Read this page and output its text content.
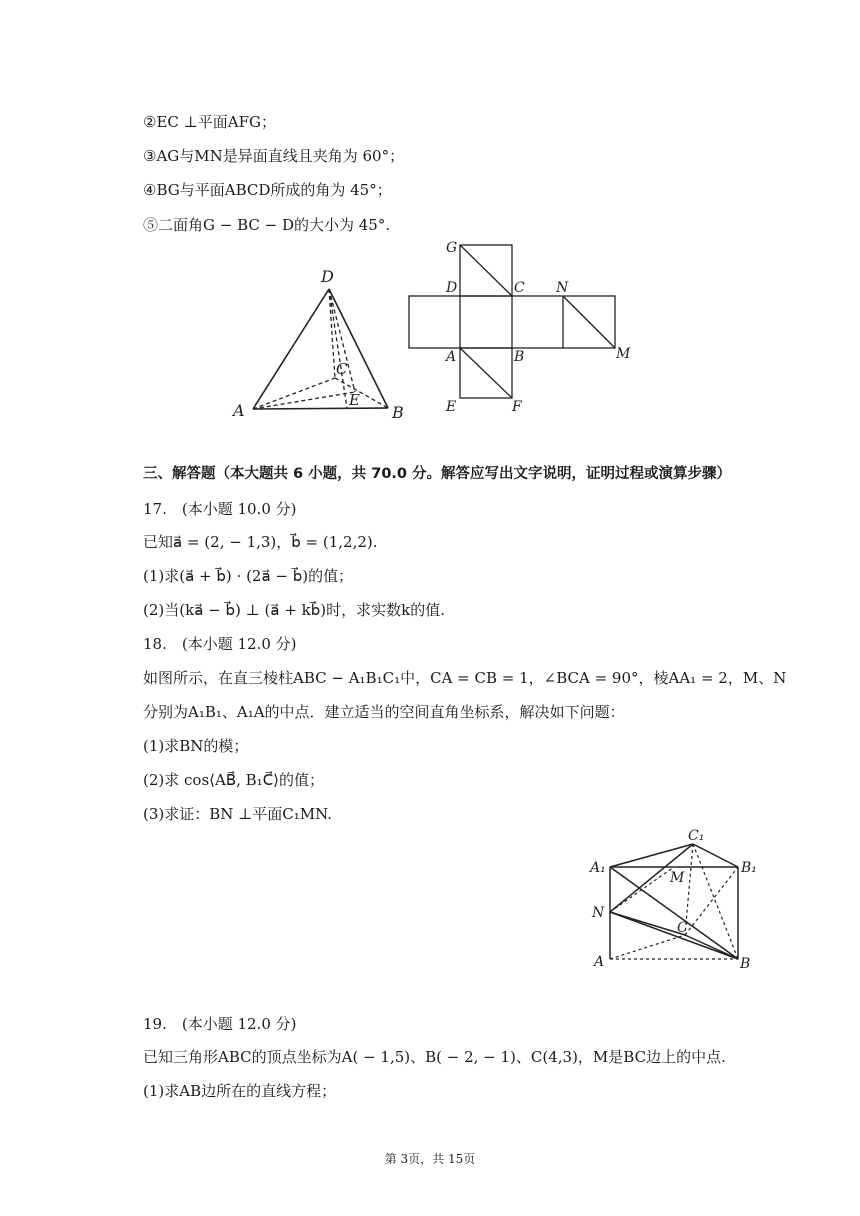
②EC ⊥平面AFG；
③AG与MN是异面直线且夹角为 60°；
④BG与平面ABCD所成的角为 45°；
⑤二面角G − BC − D的大小为 45°.
D
A	B
C
E
G
D	C N
A	B	M
E	F
三、解答题（本大题共 6 小题，共 70.0 分。解答应写出文字说明，证明过程或演算步骤）
17.　(本小题 10.0 分)
已知a⃗ = (2, − 1,3)，b⃗ = (1,2,2).
(1)求(a⃗ + b⃗) · (2a⃗ − b⃗)的值；
(2)当(ka⃗ − b⃗) ⊥ (a⃗ + kb⃗)时，求实数k的值.
18.　(本小题 12.0 分)
如图所示，在直三棱柱ABC − A₁B₁C₁中，CA = CB = 1，∠BCA = 90°，棱AA₁ = 2，M、N
分别为A₁B₁、A₁A的中点．建立适当的空间直角坐标系，解决如下问题：
(1)求BN的模；
(2)求 cos⟨AB⃗, B₁C⃗⟩的值；
(3)求证：BN ⊥平面C₁MN.
C₁
A₁
M
B₁
N
C
A	B
19.　(本小题 12.0 分)
已知三角形ABC的顶点坐标为A( − 1,5)、B( − 2, − 1)、C(4,3)，M是BC边上的中点.
(1)求AB边所在的直线方程；
第 3页，共 15页
